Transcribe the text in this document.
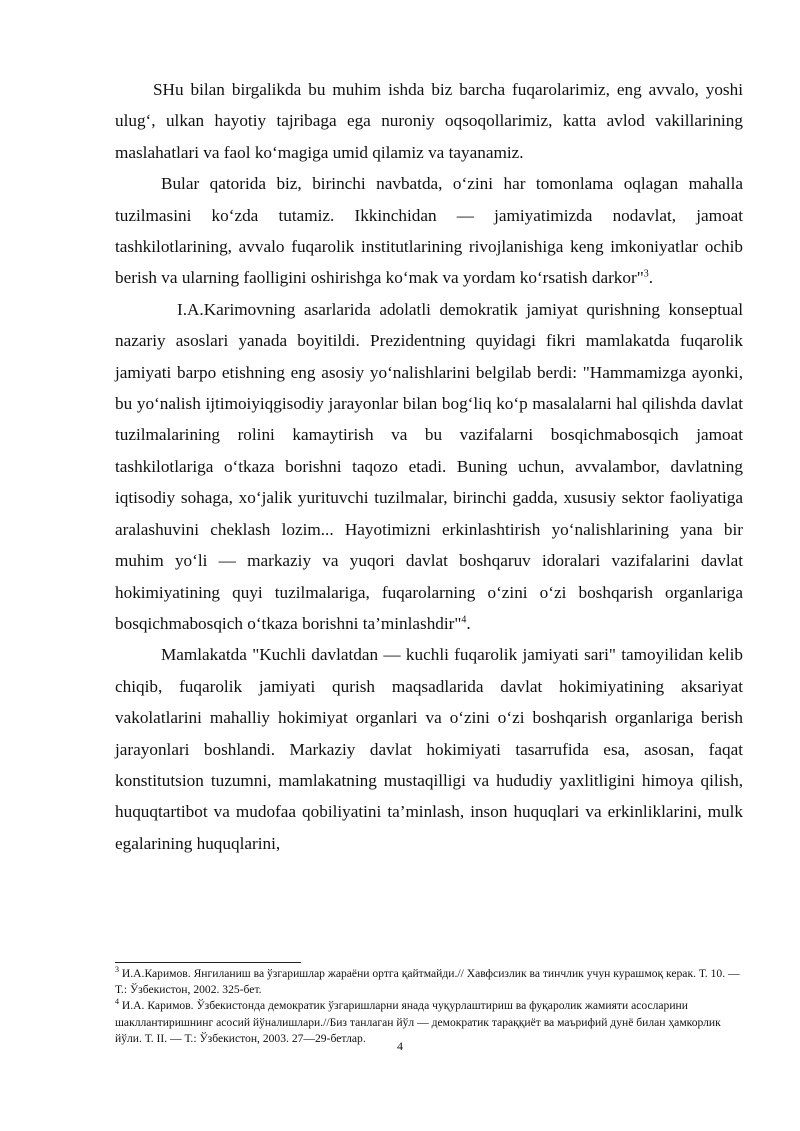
SHu bilan birgalikda bu muhim ishda biz barcha fuqarolarimiz, eng avvalo, yoshi ulug‘, ulkan hayotiy tajribaga ega nuroniy oqsoqollarimiz, katta avlod vakillarining maslahatlari va faol ko‘magiga umid qilamiz va tayanamiz.

Bular qatorida biz, birinchi navbatda, o‘zini har tomonlama oqlagan mahalla tuzilmasini ko‘zda tutamiz. Ikkinchidan — jamiyatimizda nodavlat, jamoat tashkilotlarining, avvalo fuqarolik institutlarining rivojlanishiga keng imkoniyatlar ochib berish va ularning faolligini oshirishga ko‘mak va yordam ko‘rsatish darkor"$^3$.

I.A.Karimovning asarlarida adolatli demokratik jamiyat qurishning konseptual nazariy asoslari yanada boyitildi. Prezidentning quyidagi fikri mamlakatda fuqarolik jamiyati barpo etishning eng asosiy yo‘nalishlarini belgilab berdi: "Hammamizga ayonki, bu yo‘nalish ijtimoiyiqgisodiy jarayonlar bilan bog‘liq ko‘p masalalarni hal qilishda davlat tuzilmalarining rolini kamaytirish va bu vazifalarni bosqichmabosqich jamoat tashkilotlariga o‘tkaza borishni taqozo etadi. Buning uchun, avvalambor, davlatning iqtisodiy sohaga, xo‘jalik yurituvchi tuzilmalar, birinchi gadda, xususiy sektor faoliyatiga aralashuvini cheklash lozim... Hayotimizni erkinlashtirish yo‘nalishlarining yana bir muhim yo‘li — markaziy va yuqori davlat boshqaruv idoralari vazifalarini davlat hokimiyatining quyi tuzilmalariga, fuqarolarning o‘zini o‘zi boshqarish organlariga bosqichmabosqich o‘tkaza borishni ta’minlashdir"$^4$.

Mamlakatda "Kuchli davlatdan — kuchli fuqarolik jamiyati sari" tamoyilidan kelib chiqib, fuqarolik jamiyati qurish maqsadlarida davlat hokimiyatining aksariyat vakolatlarini mahalliy hokimiyat organlari va o‘zini o‘zi boshqarish organlariga berish jarayonlari boshlandi. Markaziy davlat hokimiyati tasarrufida esa, asosan, faqat konstitutsion tuzumni, mamlakatning mustaqilligi va hududiy yaxlitligini himoya qilish, huquqtartibot va mudofaa qobiliyatini ta’minlash, inson huquqlari va erkinliklarini, mulk egalarining huquqlarini,

$^3$ И.А.Каримов. Янгиланиш ва ўзгаришлар жараёни ортга қайтмайди.// Хавфсизлик ва тинчлик учун курашмоқ керак. Т. 10. — Т.: Ўзбекистон, 2002. 325-бет.

$^4$ И.А. Каримов. Ўзбекистонда демократик ўзгаришларни янада чуқурлаштириш ва фуқаролик жамияти асосларини шакллантиришнинг асосий йўналишлари.//Биз танлаган йўл — демократик тараққиёт ва маърифий дунё билан ҳамкорлик йўли. Т. II. — Т.: Ўзбекистон, 2003. 27—29-бетлар.

4
